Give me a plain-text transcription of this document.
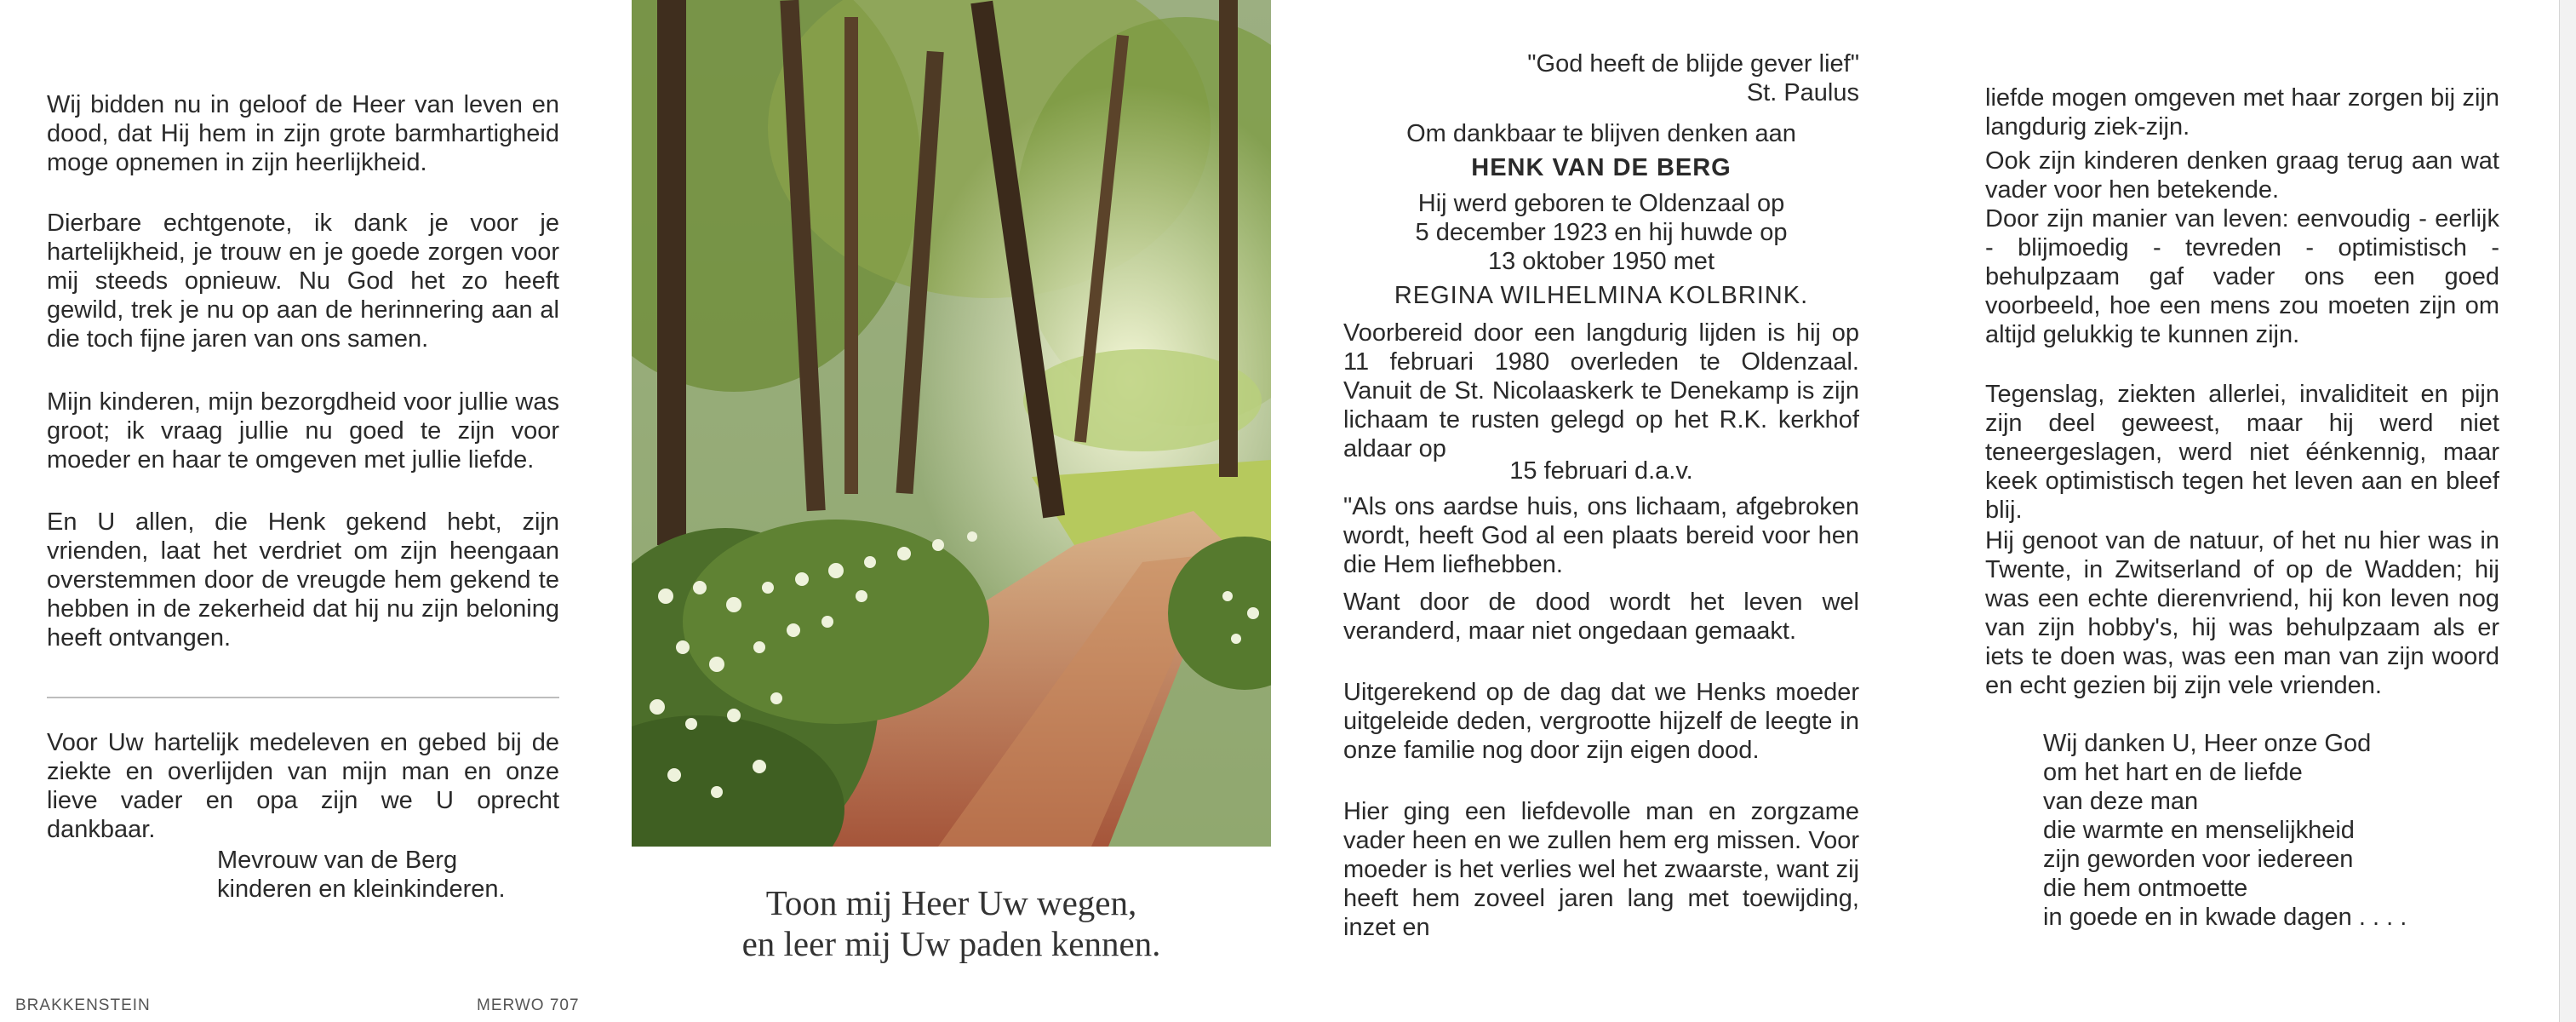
Wij bidden nu in geloof de Heer van leven en dood, dat Hij hem in zijn grote barmhartigheid moge opnemen in zijn heerlijkheid.

Dierbare echtgenote, ik dank je voor je hartelijkheid, je trouw en je goede zorgen voor mij steeds opnieuw. Nu God het zo heeft gewild, trek je nu op aan de herinnering aan al die toch fijne jaren van ons samen.

Mijn kinderen, mijn bezorgdheid voor jullie was groot; ik vraag jullie nu goed te zijn voor moeder en haar te omgeven met jullie liefde.

En U allen, die Henk gekend hebt, zijn vrienden, laat het verdriet om zijn heengaan overstemmen door de vreugde hem gekend te hebben in de zekerheid dat hij nu zijn beloning heeft ontvangen.

Voor Uw hartelijk medeleven en gebed bij de ziekte en overlijden van mijn man en onze lieve vader en opa zijn we U oprecht dankbaar.

Mevrouw van de Berg
kinderen en kleinkinderen.	Toon mij Heer Uw wegen,
en leer mij Uw paden kennen.
"God heeft de blijde gever lief"
St. Paulus
Om dankbaar te blijven denken aan
HENK VAN DE BERG
Hij werd geboren te Oldenzaal op
5 december 1923 en hij huwde op
13 oktober 1950 met
REGINA WILHELMINA KOLBRINK.

Voorbereid door een langdurig lijden is hij op 11 februari 1980 overleden te Oldenzaal. Vanuit de St. Nicolaaskerk te Denekamp is zijn lichaam te rusten gelegd op het R.K. kerkhof aldaar op

15 februari d.a.v.

"Als ons aardse huis, ons lichaam, afgebroken wordt, heeft God al een plaats bereid voor hen die Hem liefhebben.

Want door de dood wordt het leven wel veranderd, maar niet ongedaan gemaakt.

Uitgerekend op de dag dat we Henks moeder uitgeleide deden, vergrootte hijzelf de leegte in onze familie nog door zijn eigen dood.

Hier ging een liefdevolle man en zorgzame vader heen en we zullen hem erg missen. Voor moeder is het verlies wel het zwaarste, want zij heeft hem zoveel jaren lang met toewijding, inzet en

liefde mogen omgeven met haar zorgen bij zijn langdurig ziek-zijn.

Ook zijn kinderen denken graag terug aan wat vader voor hen betekende.

Door zijn manier van leven: eenvoudig - eerlijk - blijmoedig - tevreden - optimistisch - behulpzaam gaf vader ons een goed voorbeeld, hoe een mens zou moeten zijn om altijd gelukkig te kunnen zijn.

Tegenslag, ziekten allerlei, invaliditeit en pijn zijn deel geweest, maar hij werd niet teneergeslagen, werd niet éénkennig, maar keek optimistisch tegen het leven aan en bleef blij.

Hij genoot van de natuur, of het nu hier was in Twente, in Zwitserland of op de Wadden; hij was een echte dierenvriend, hij kon leven nog van zijn hobby's, hij was behulpzaam als er iets te doen was, was een man van zijn woord en echt gezien bij zijn vele vrienden.

Wij danken U, Heer onze God
om het hart en de liefde
van deze man
die warmte en menselijkheid
zijn geworden voor iedereen
die hem ontmoette
in goede en in kwade dagen . . . .
BRAKKENSTEIN	MERWO 707
